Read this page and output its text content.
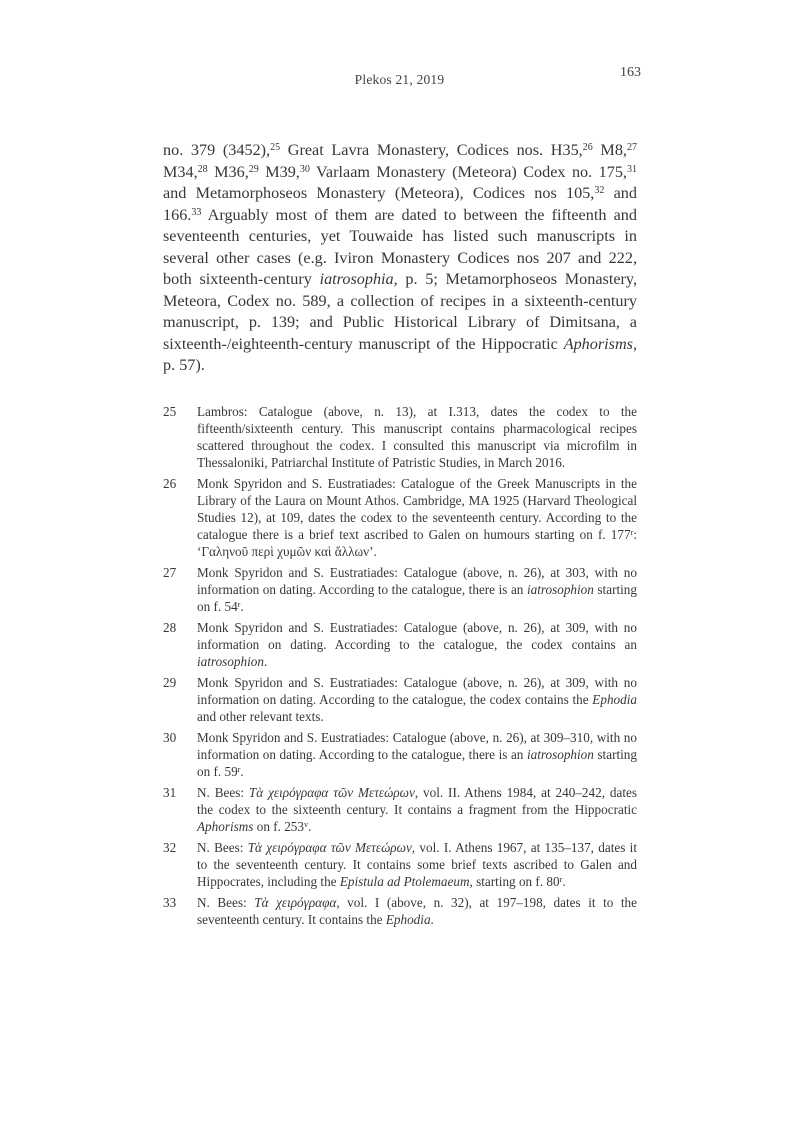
Plekos 21, 2019	163

no. 379 (3452),$^{25}$ Great Lavra Monastery, Codices nos. H35,26 M8,27 M34,28 M36,29 M39,30 Varlaam Monastery (Meteora) Codex no. 175,31 and Metamorphoseos Monastery (Meteora), Codices nos 105,32 and 166.33 Arguably most of them are dated to between the fifteenth and seventeenth centuries, yet Touwaide has listed such manuscripts in several other cases (e.g. Iviron Monastery Codices nos 207 and 222, both sixteenth-century iatrosophia, p. 5; Metamorphoseos Monastery, Meteora, Codex no. 589, a collection of recipes in a sixteenth-century manuscript, p. 139; and Public Historical Library of Dimitsana, a sixteenth-/eighteenth-century manuscript of the Hippocratic Aphorisms, p. 57).

25	Lambros: Catalogue (above, n. 13), at I.313, dates the codex to the fifteenth/sixteenth century. This manuscript contains pharmacological recipes scattered throughout the codex. I consulted this manuscript via microfilm in Thessaloniki, Patriarchal Institute of Patristic Studies, in March 2016.

26	Monk Spyridon and S. Eustratiades: Catalogue of the Greek Manuscripts in the Library of the Laura on Mount Athos. Cambridge, MA 1925 (Harvard Theological Studies 12), at 109, dates the codex to the seventeenth century. According to the catalogue there is a brief text ascribed to Galen on humours starting on f. 177$^r$: ‘Γαληνοῦ περὶ χυμῶν καὶ ἄλλων’.

27	Monk Spyridon and S. Eustratiades: Catalogue (above, n. 26), at 303, with no information on dating. According to the catalogue, there is an iatrosophion starting on f. 54$^r$.

28	Monk Spyridon and S. Eustratiades: Catalogue (above, n. 26), at 309, with no information on dating. According to the catalogue, the codex contains an iatrosophion.

29	Monk Spyridon and S. Eustratiades: Catalogue (above, n. 26), at 309, with no information on dating. According to the catalogue, the codex contains the Ephodia and other relevant texts.

30	Monk Spyridon and S. Eustratiades: Catalogue (above, n. 26), at 309–310, with no information on dating. According to the catalogue, there is an iatrosophion starting on f. 59$^r$.

31	N. Bees: Τὰ χειρόγραφα τῶν Μετεώρων, vol. II. Athens 1984, at 240–242, dates the codex to the sixteenth century. It contains a fragment from the Hippocratic Aphorisms on f. 253$^v$.

32	N. Bees: Τὰ χειρόγραφα τῶν Μετεώρων, vol. I. Athens 1967, at 135–137, dates it to the seventeenth century. It contains some brief texts ascribed to Galen and Hippocrates, including the Epistula ad Ptolemaeum, starting on f. 80$^r$.

33	N. Bees: Τὰ χειρόγραφα, vol. I (above, n. 32), at 197–198, dates it to the seventeenth century. It contains the Ephodia.
